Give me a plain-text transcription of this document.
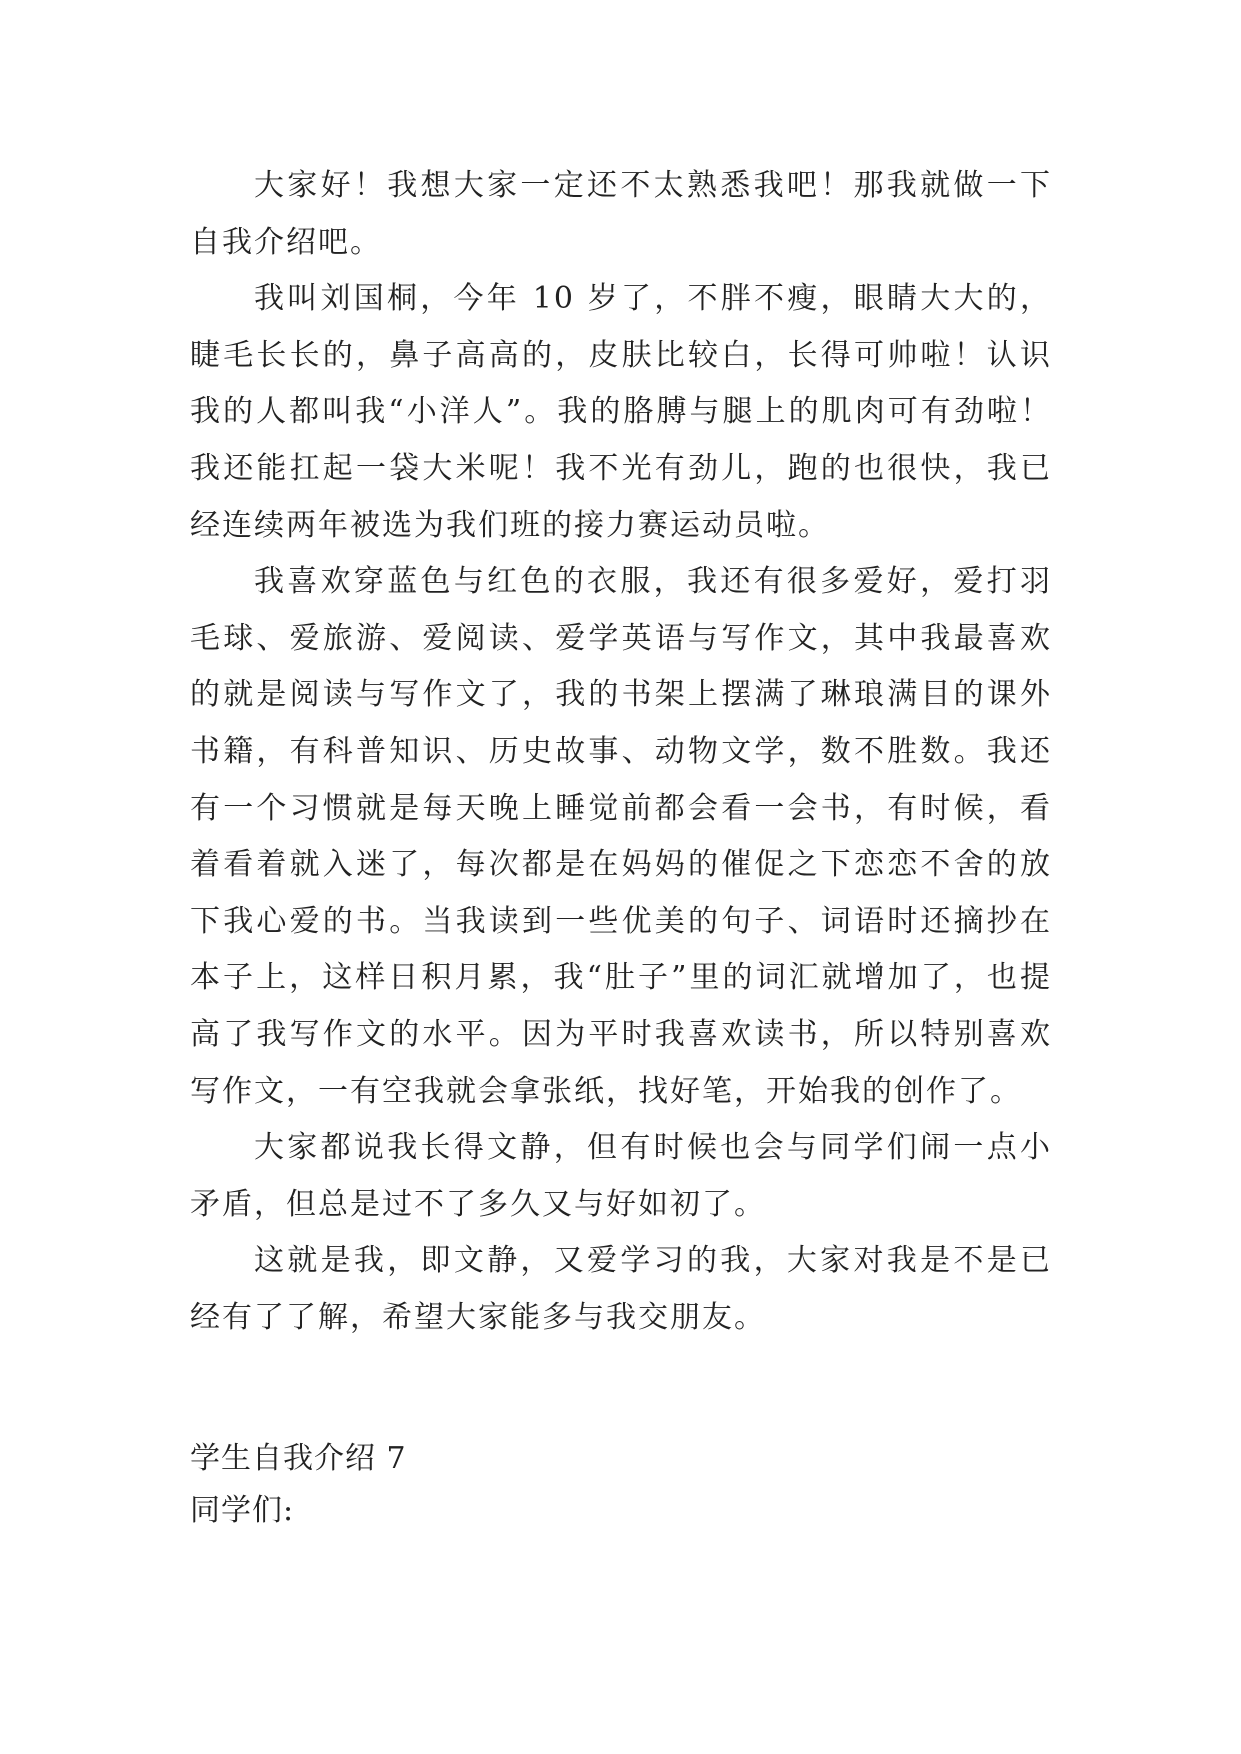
大家好！我想大家一定还不太熟悉我吧！那我就做一下自我介绍吧。

我叫刘国桐，今年 10 岁了，不胖不瘦，眼睛大大的，睫毛长长的，鼻子高高的，皮肤比较白，长得可帅啦！认识我的人都叫我“小洋人”。我的胳膊与腿上的肌肉可有劲啦！我还能扛起一袋大米呢！我不光有劲儿，跑的也很快，我已经连续两年被选为我们班的接力赛运动员啦。

我喜欢穿蓝色与红色的衣服，我还有很多爱好，爱打羽毛球、爱旅游、爱阅读、爱学英语与写作文，其中我最喜欢的就是阅读与写作文了，我的书架上摆满了琳琅满目的课外书籍，有科普知识、历史故事、动物文学，数不胜数。我还有一个习惯就是每天晚上睡觉前都会看一会书，有时候，看着看着就入迷了，每次都是在妈妈的催促之下恋恋不舍的放下我心爱的书。当我读到一些优美的句子、词语时还摘抄在本子上，这样日积月累，我“肚子”里的词汇就增加了，也提高了我写作文的水平。因为平时我喜欢读书，所以特别喜欢写作文，一有空我就会拿张纸，找好笔，开始我的创作了。

大家都说我长得文静，但有时候也会与同学们闹一点小矛盾，但总是过不了多久又与好如初了。

这就是我，即文静，又爱学习的我，大家对我是不是已经有了了解，希望大家能多与我交朋友。

学生自我介绍 7

同学们:
